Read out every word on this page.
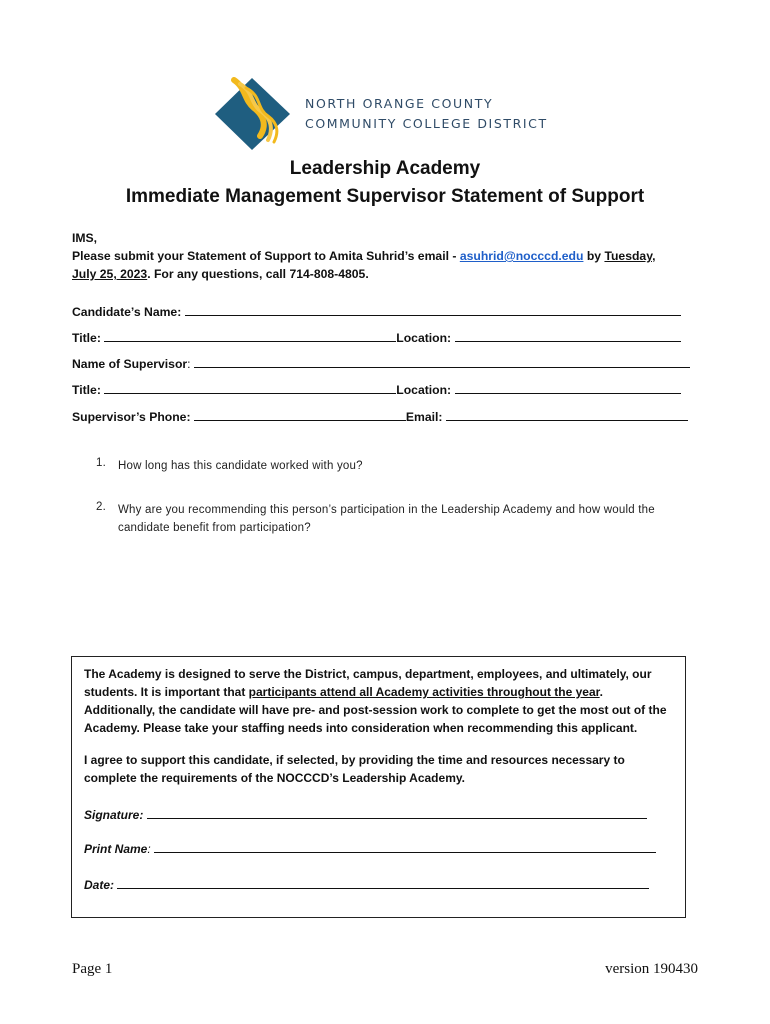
NORTH ORANGE COUNTY
COMMUNITY COLLEGE DISTRICT
Leadership Academy
Immediate Management Supervisor Statement of Support
IMS,
Please submit your Statement of Support to Amita Suhrid’s email - asuhrid@nocccd.edu by Tuesday,
July 25, 2023. For any questions, call 714-808-4805.
Candidate’s Name:
Title:	Location:
Name of Supervisor:
Title:	Location:
Supervisor’s Phone:	Email:
1. How long has this candidate worked with you?
2. Why are you recommending this person’s participation in the Leadership Academy and how would the candidate benefit from participation?
The Academy is designed to serve the District, campus, department, employees, and ultimately, our students. It is important that participants attend all Academy activities throughout the year. Additionally, the candidate will have pre- and post-session work to complete to get the most out of the Academy. Please take your staffing needs into consideration when recommending this applicant.
I agree to support this candidate, if selected, by providing the time and resources necessary to complete the requirements of the NOCCCD’s Leadership Academy.
Signature:
Print Name:
Date:
Page 1	version 190430
